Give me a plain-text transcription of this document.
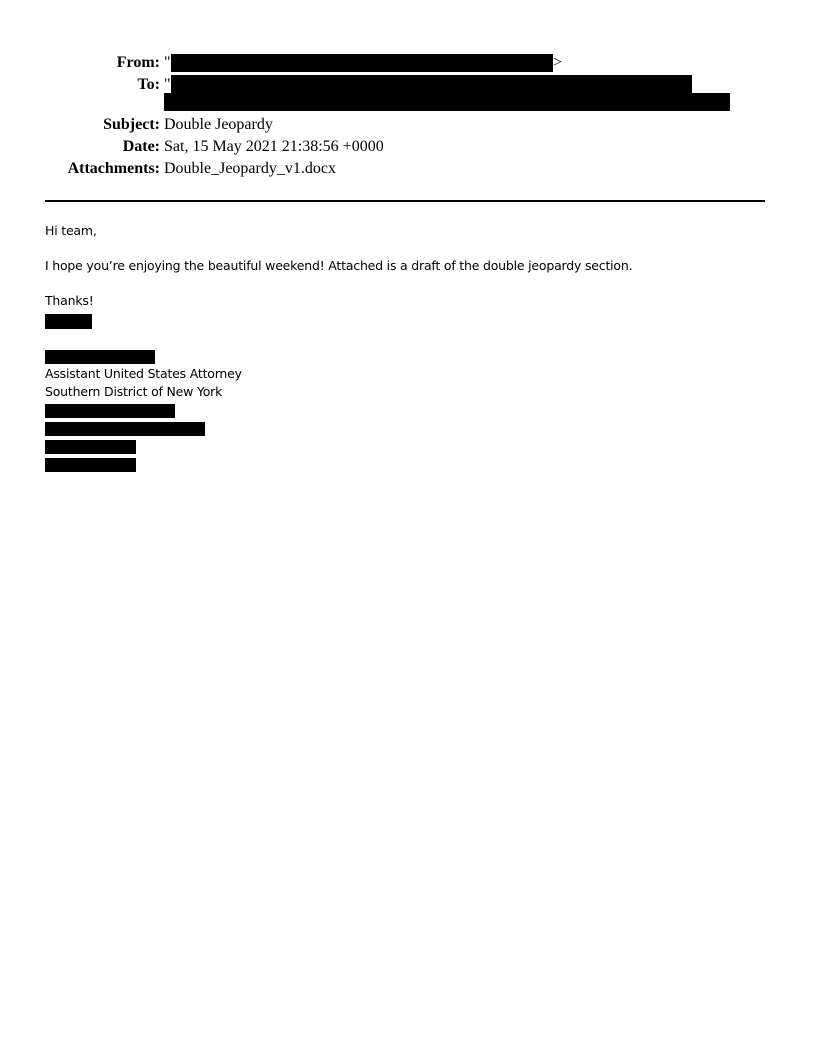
From: "	>
To: "
Subject: Double Jeopardy
Date: Sat, 15 May 2021 21:38:56 +0000
Attachments: Double_Jeopardy_v1.docx
Hi team,
I hope you’re enjoying the beautiful weekend! Attached is a draft of the double jeopardy section.
Thanks!
Assistant United States Attorney
Southern District of New York
